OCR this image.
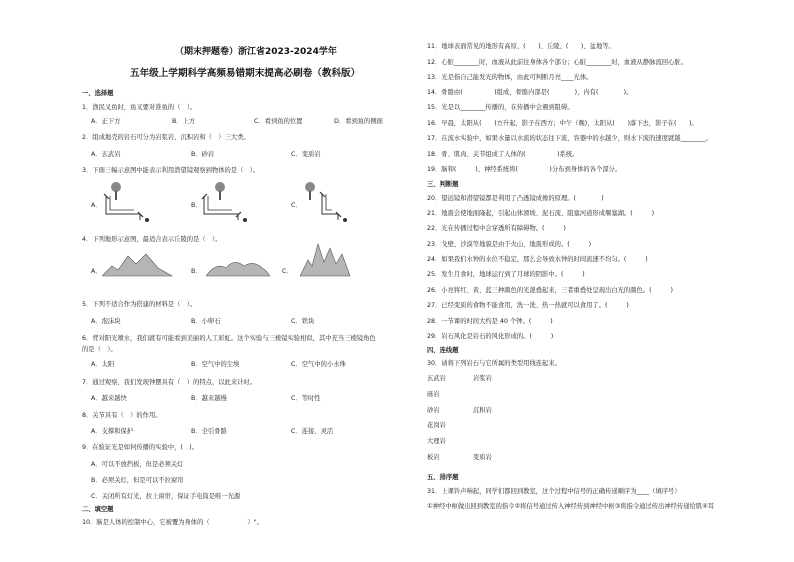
（期末押题卷）浙江省2023-2024学年
五年级上学期科学高频易错期末提高必刷卷（教科版）
一、选择题
1．渔民叉鱼时，鱼叉要对准鱼的（　）。
A．正下方	B．上方	C．看到鱼的位置	D．看到鱼的侧面
2．组成地壳的岩石可分为岩浆岩、沉积岩和（　）三大类。
A．玄武岩	B．砂岩	C．变质岩
3．下面三幅示意图中能表示利用潜望镜观察到物体的是（　）。
A．	B．	C．
4．下列地形示意图，最适合表示丘陵的是（　）。
A．	B．	C．
5．下列不适合作为搭建的材料是（　）。
A．泡沫块	B．小卵石	C．铁块
6．背对阳光喷水，我们就有可能看到美丽的人工彩虹。这个实验与三棱镜实验相似，其中充当三棱镜角色
的是（　）。
A．太阳	B．空气中的尘埃	C．空气中的小水珠
7．通过观察，我们发现钟摆具有（　）的特点，以此来计时。
A．越来越快	B．越来越慢	C．等时性
8．关节具有（　）的作用。
A．支撑和保护	B．全引骨骼	C．连接、灵活
9．在验证光是如何传播的实验中，(　)。
A．可以不放挡板，但是必须关灯
B．必须关灯，但是可以不拉窗帘
C．关闭所有灯光，拉上窗帘，保证手电筒是唯一光源
二、填空题
10．脑是人体的控制中心，它被覆为身体的（　　　　　　）"。
11．地球表面常见的地形有高原、(　　)、丘陵、(　　)、盆地等。
12．心脏________时，血液从此前往身体各个部分；心脏________时，血液从静脉流回心脏。
13．光是指自己能发光的物体，由此可判断月亮____光体。
14．骨骼由(　　　　　)组成，骨骼内部是(　　　　)，内有(　　　　)。
15．光是以________传播的，在传播中会遇到阻碍。
16．早晨，太阳从(　　)方升起，影子在西方；中午（晚)，太阳从(　　)落下去，影子在(　　)。
17．在流水实验中，如果水量以水流的状态往下流，容器中的水越少，则水下流的速度就越________。
18．骨、肌肉、关节组成了人体的(　　　　　)系统。
19．脑和(　　　)、神经系统将(　　　　　)分布到身体的各个部分。
三、判断题
20．望远镜和潜望镜都是利用了凸透镜成像的原理。(　　　　)
21．地震会使地面隆起，引起山体滑坡、泥石流、阻塞河道形成堰塞湖。(　　　)
22．光在传播过程中会穿透所有障碍物。(　　　)
23．戈壁、沙漠等地貌是由于火山、地震形成的。(　　　)
24．如果我们水钟的水位不稳定，那么会导致水钟的时间流速不均匀。(　　　)
25．发生月食时，地球运行到了月球的阴影中。(　　　)
26．小亮将红、黄、蓝三种颜色的光混叠起来，三者重叠处呈现出白光的颜色。(　　　)
27．已经变质的食物不能食用，洗一洗、热一热就可以食用了。(　　　)
28．一节课的时间大约是 40 个钟。(　　　)
29．岩石风化是岩石的风化形成的。(　　　)
四、连线题
30．请将下列岩石与它所属的类型用线连起来。
玄武岩	岩浆岩
砾岩
砂岩	沉积岩
花岗岩
大理岩
板岩	变质岩
五、排序题
31．上课铃声响起，同学们都回到教室，这个过程中信号的正确传递顺序为____（填序号）
①神经中枢做出回到教室的指令②将信号通过传入神经传到神经中枢③将指令通过传出神经传递给肌④耳
